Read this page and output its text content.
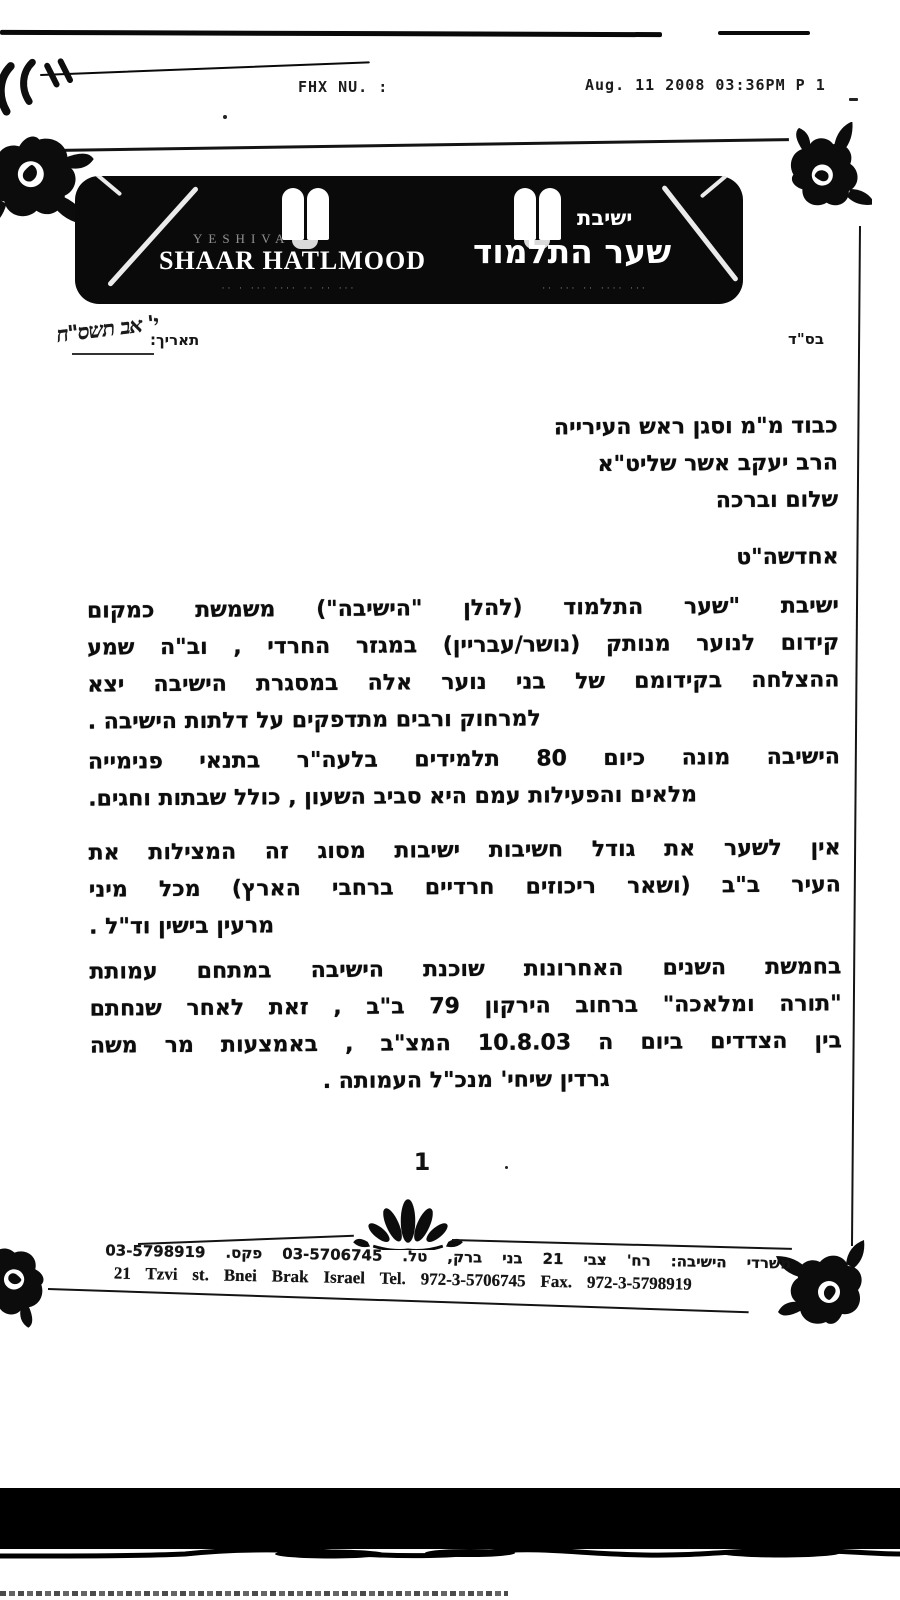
FHX NU. :	Aug. 11 2008 03:36PM P 1
YESHIVA
SHAAR HATLMOOD
·· · ··· ···· ·· ·· ···
ישיבת
שער התלמוד
·· ··· ·· ···· ···
בס"ד
תאריך:
י' אב תשס"ח
כבוד מ"מ וסגן ראש העירייה
הרב יעקב אשר שליט"א
שלום וברכה
אחדשה"ט
ישיבת "שער התלמוד (להלן "הישיבה") משמשת כמקום
קידום לנוער מנותק (נושר/עבריין) במגזר החרדי , וב"ה שמע
ההצלחה בקידומם של בני נוער אלה במסגרת הישיבה יצא
למרחוק ורבים מתדפקים על דלתות הישיבה .
הישיבה מונה כיום 80 תלמידים בלעה"ר בתנאי פנימייה
מלאים והפעילות עמם היא סביב השעון , כולל שבתות וחגים.
אין לשער את גודל חשיבות ישיבות מסוג זה המצילות את
העיר ב"ב (ושאר ריכוזים חרדיים ברחבי הארץ) מכל מיני
מרעין בישין וד"ל .
בחמשת השנים האחרונות שוכנת הישיבה במתחם עמותת
"תורה ומלאכה" ברחוב הירקון 79 ב"ב , זאת לאחר שנחתם
בין הצדדים ביום ה 10.8.03 המצ"ב , באמצעות מר משה
גרדין שיחי' מנכ"ל העמותה .
1
משרדי הישיבה: רח' צבי 21 בני ברק, טל. 03-5706745 פקס. 03-5798919
21 Tzvi st. Bnei Brak Israel Tel. 972-3-5706745 Fax. 972-3-5798919
